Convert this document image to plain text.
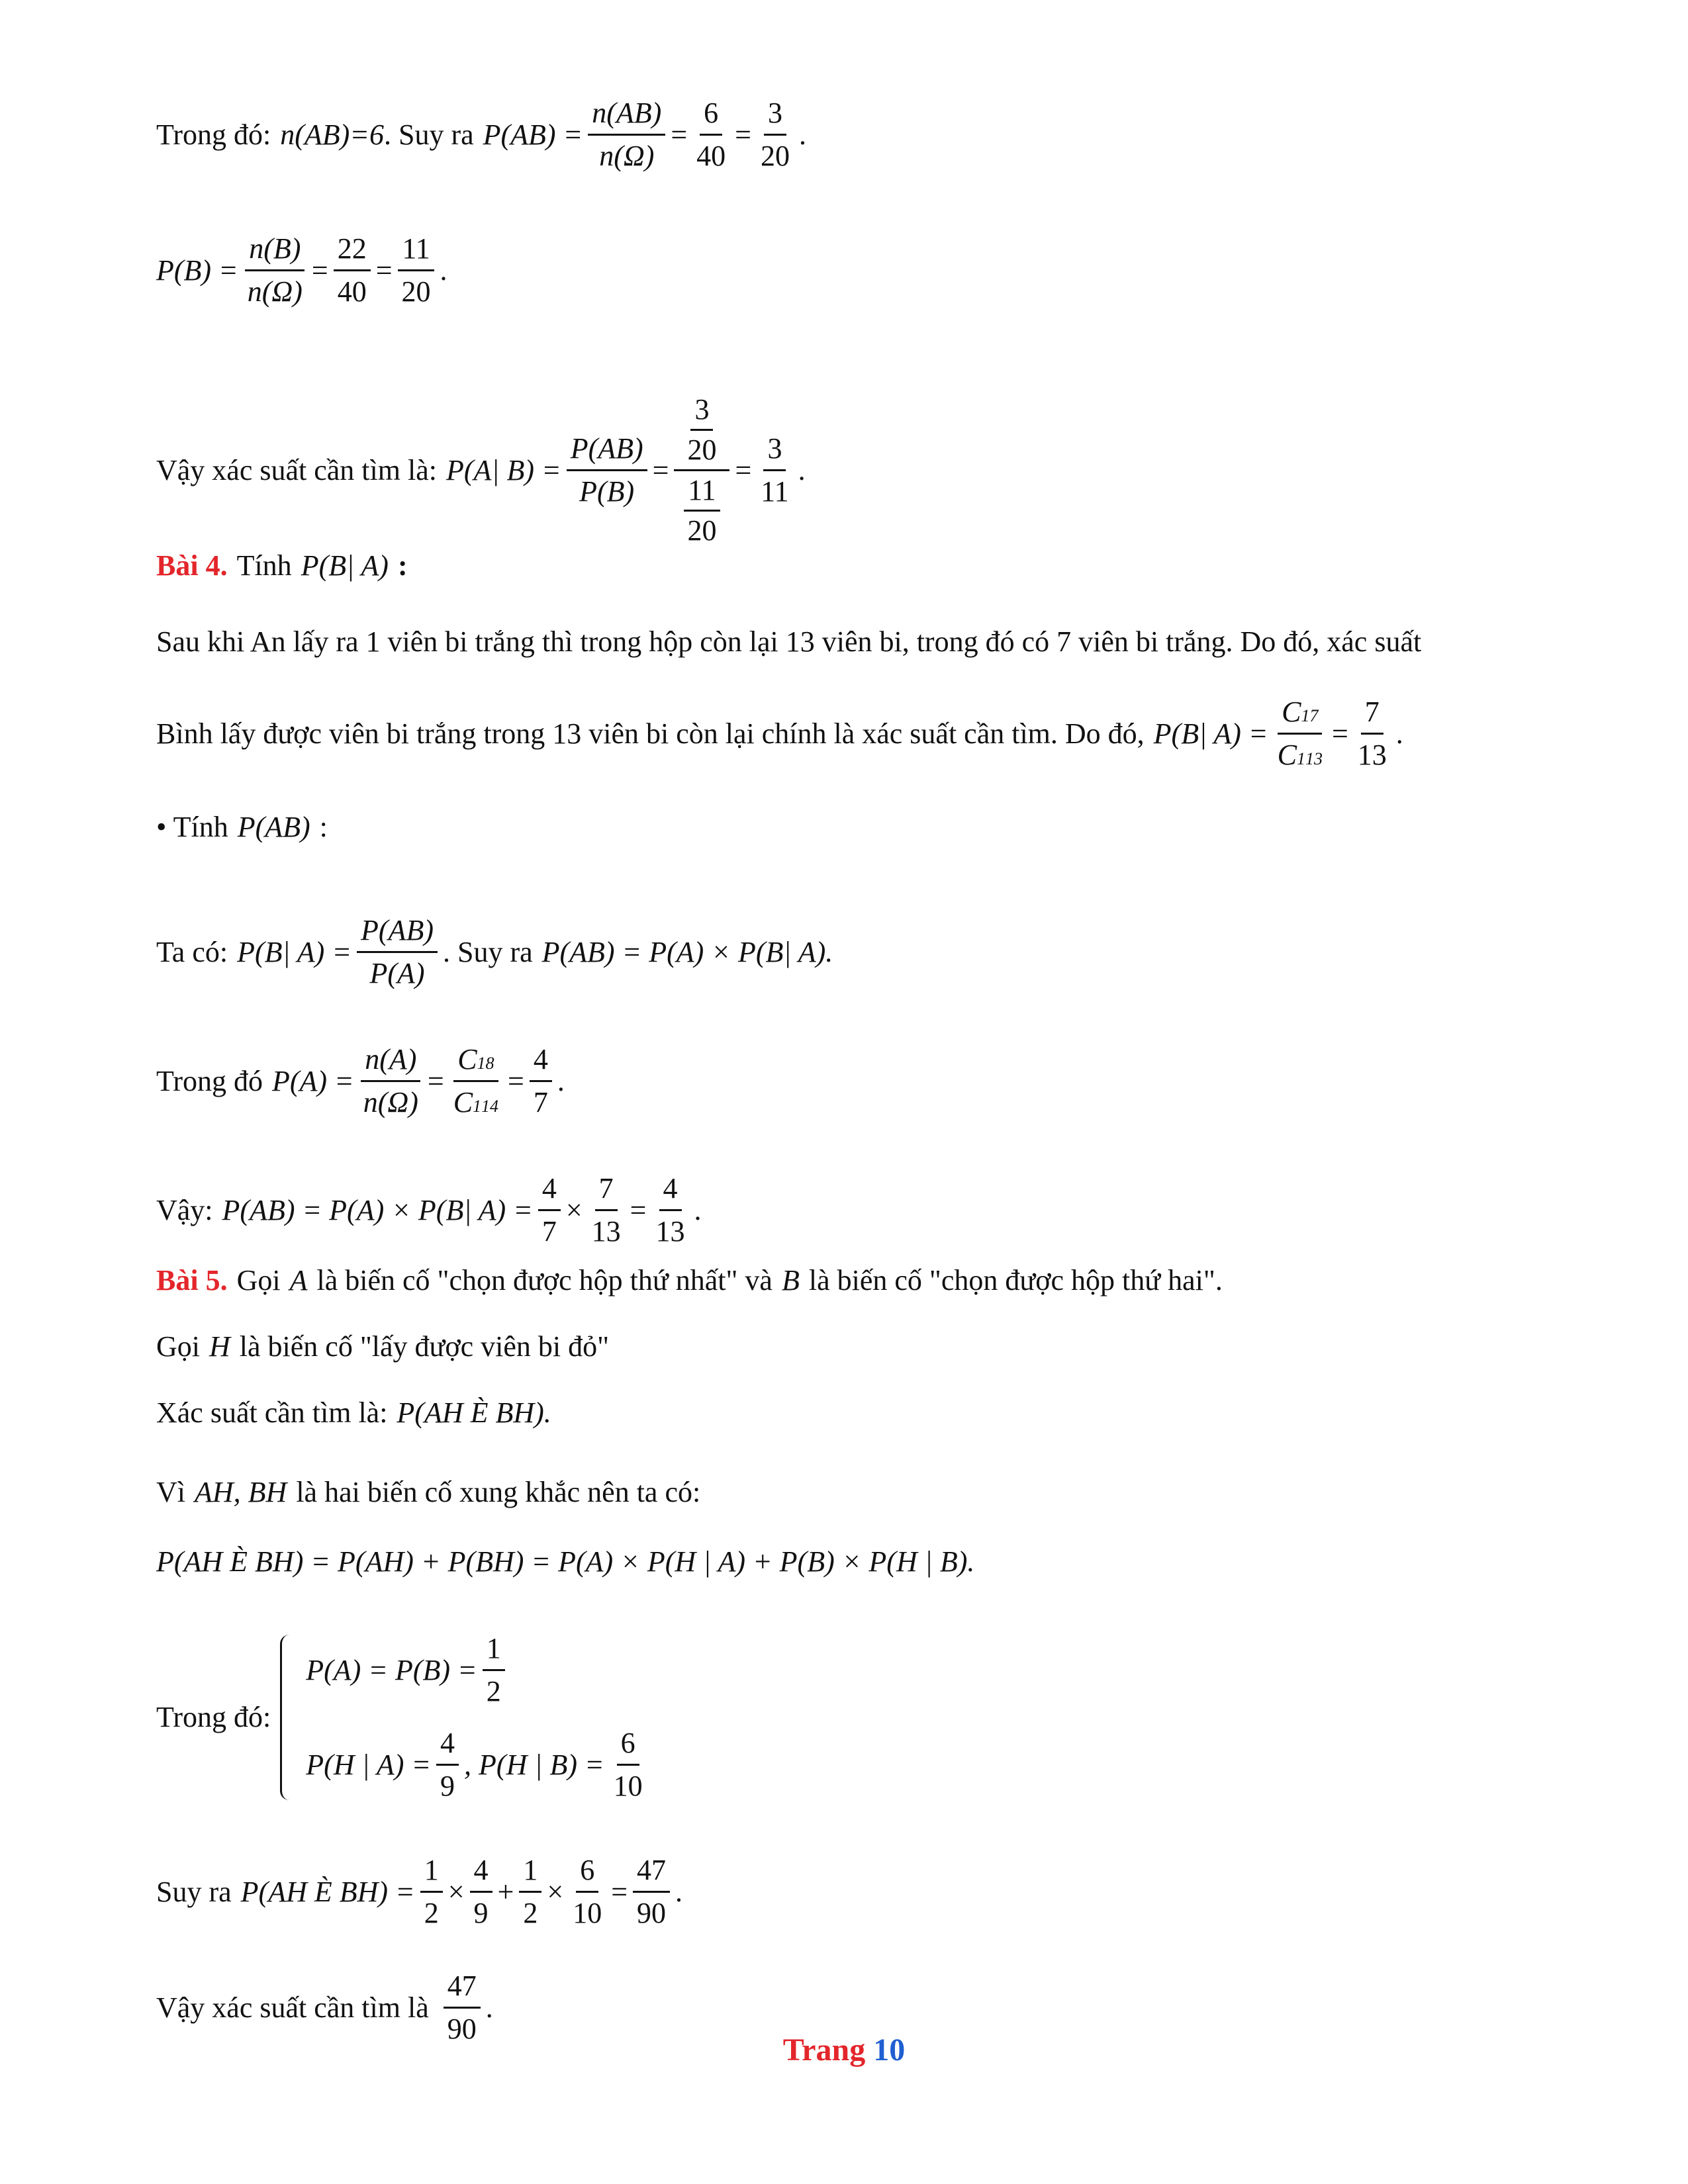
Trong đó: n(AB)=6 . Suy ra $P(AB) = \frac{n(AB)}{n(\Omega)} = \frac{6}{40} = \frac{3}{20}$ .
$P(B) = \frac{n(B)}{n(\Omega)} = \frac{22}{40} = \frac{11}{20}$ .
Vậy xác suất cần tìm là: P(A| $B) = \frac{P(AB)}{P(B)} = \frac{\frac{3}{20}}{\frac{11}{20}} = \frac{3}{11}$ .
Bài 4. Tính P(B| A) :
Sau khi An lấy ra 1 viên bi trắng thì trong hộp còn lại 13 viên bi, trong đó có 7 viên bi trắng. Do đó, xác suất
Bình lấy được viên bi trắng trong 13 viên bi còn lại chính là xác suất cần tìm. Do đó, P(B| $A) = \frac{C 1 7}{C 1 13} = \frac{7}{13}$ .
• Tính P(AB) :
Ta có: P(B| $A) = \frac{P(AB)}{P(A)}$ . Suy ra P(AB) = P(A) × P(B| A).
Trong đó $P(A) = \frac{n(A)}{n(\Omega)} = \frac{C 1 8}{C 1 14} = \frac{4}{7}$ .
Vậy: P(AB) = P(A) × P(B| $A) = \frac{4}{7} \times \frac{7}{13} = \frac{4}{13}$ .
Bài 5. Gọi A là biến cố "chọn được hộp thứ nhất" và B là biến cố "chọn được hộp thứ hai".
Gọi H là biến cố "lấy được viên bi đỏ"
Xác suất cần tìm là: P(AH È BH).
Vì AH, BH là hai biến cố xung khắc nên ta có:
P(AH È BH) = P(AH) + P(BH) = P(A) × P(H | A) + P(B) × P(H | B).
Trong đó:
$P(A) = P(B) = \frac{1}{2}$
P(H | $A) = \frac{4}{9}$ , P(H | $B) = \frac{6}{10}$
Suy ra P(AH È $BH) = \frac{1}{2} \times \frac{4}{9} + \frac{1}{2} \times \frac{6}{10} = \frac{47}{90}$ .
Vậy xác suất cần tìm là $\frac{47}{90}$ .
Trang 10
